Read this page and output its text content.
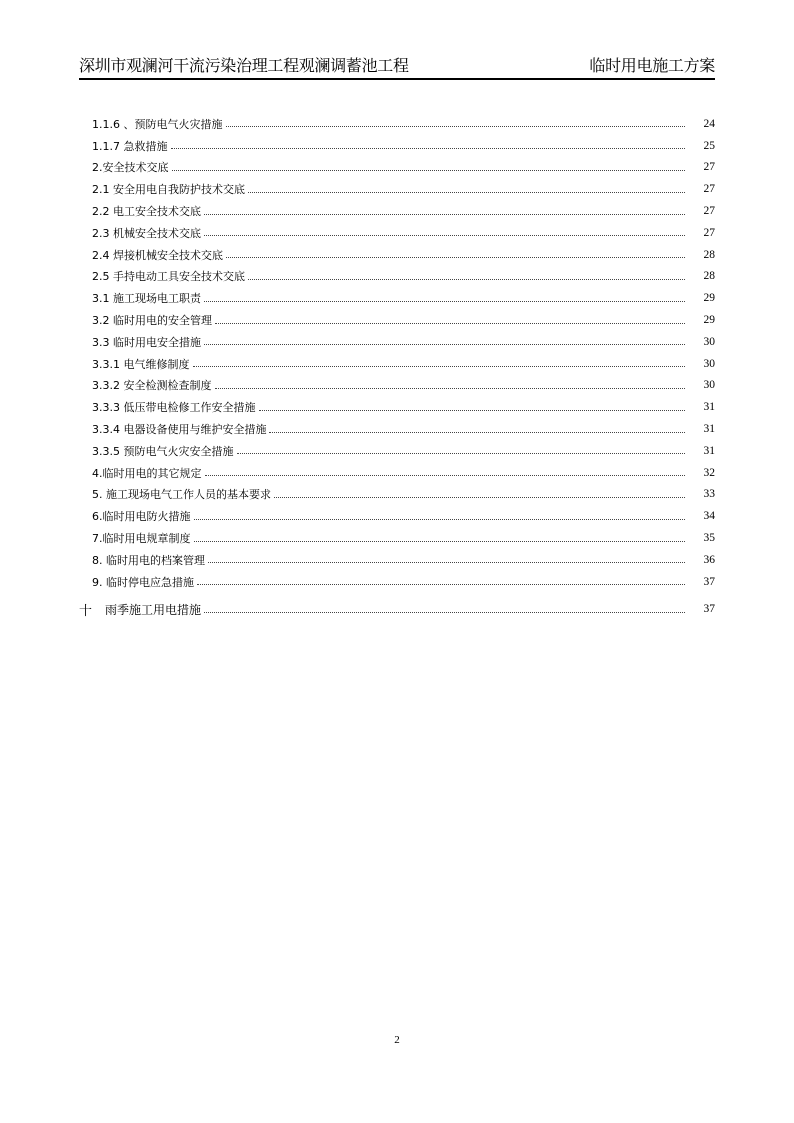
深圳市观澜河干流污染治理工程观澜调蓄池工程	临时用电施工方案
1.1.6 、预防电气火灾措施	24
1.1.7 急救措施	25
2.安全技术交底	27
2.1 安全用电自我防护技术交底	27
2.2 电工安全技术交底	27
2.3 机械安全技术交底	27
2.4 焊接机械安全技术交底	28
2.5 手持电动工具安全技术交底	28
3.1 施工现场电工职责	29
3.2 临时用电的安全管理	29
3.3 临时用电安全措施	30
3.3.1 电气维修制度	30
3.3.2 安全检测检查制度	30
3.3.3 低压带电检修工作安全措施	31
3.3.4 电器设备使用与维护安全措施	31
3.3.5 预防电气火灾安全措施	31
4.临时用电的其它规定	32
5. 施工现场电气工作人员的基本要求	33
6.临时用电防火措施	34
7.临时用电规章制度	35
8. 临时用电的档案管理	36
9. 临时停电应急措施	37
十	雨季施工用电措施	37
2
